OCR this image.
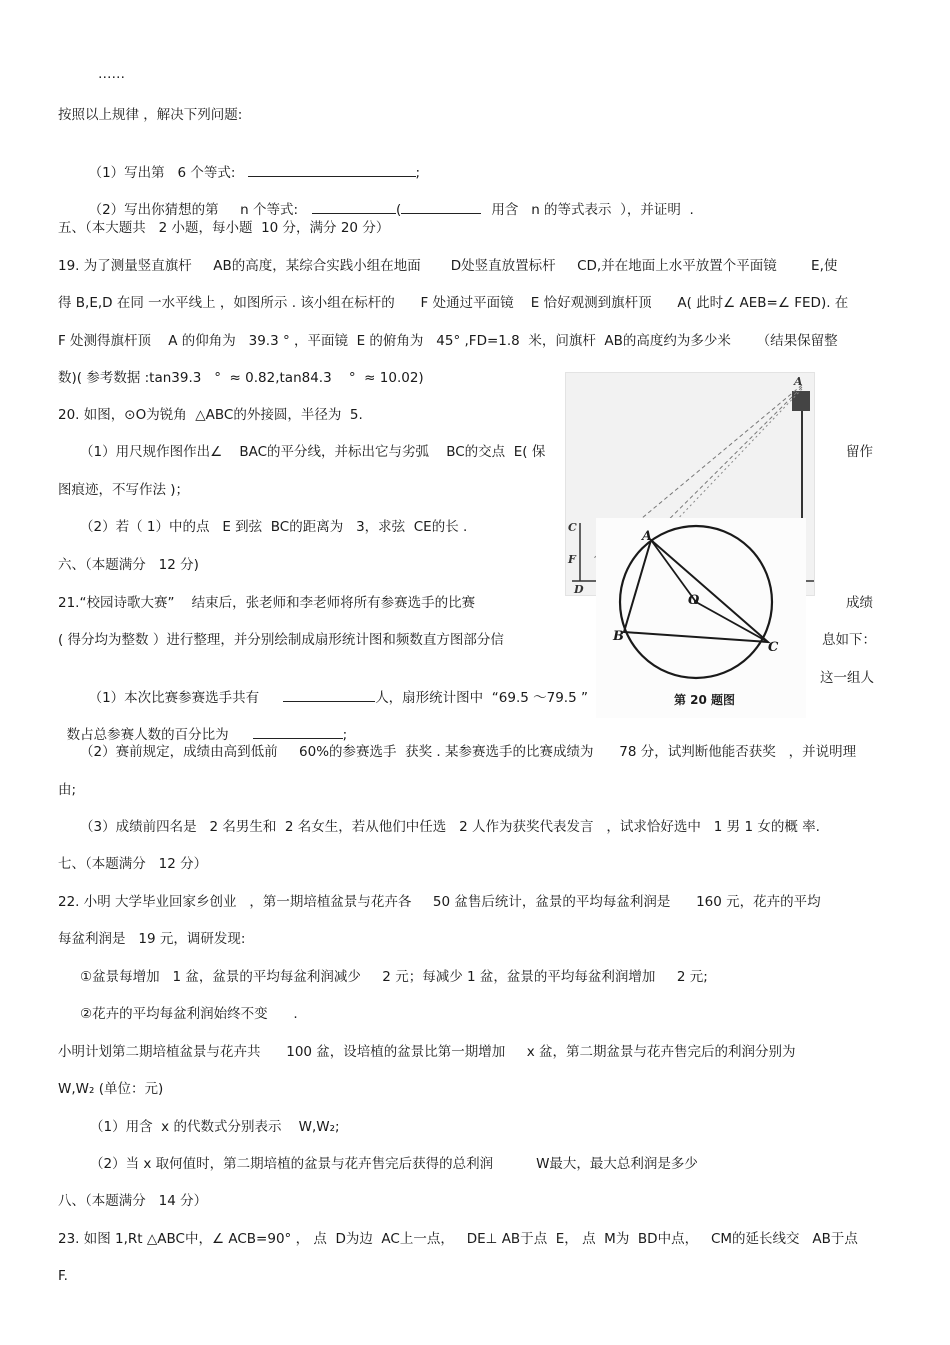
……
按照以上规律 ，解决下列问题:

（1）写出第   6 个等式:	;

（2）写出你猜想的第     n 个等式:	(	用含   n 的等式表示  ），并证明  .

五、（本大题共   2 小题，每小题  10 分，满分 20 分）
19. 为了测量竖直旗杆     AB的高度，某综合实践小组在地面       D处竖直放置标杆     CD,并在地面上水平放置个平面镜        E,使
得 B,E,D 在同 一水平线上 ，如图所示 . 该小组在标杆的      F 处通过平面镜    E 恰好观测到旗杆顶      A( 此时∠ AEB=∠ FED). 在
F 处测得旗杆顶    A 的仰角为   39.3 ° ，平面镜  E 的俯角为   45° ,FD=1.8  米，问旗杆  AB的高度约为多少米      （结果保留整
数)( 参考数据 :tan39.3   °  ≈ 0.82,tan84.3    °  ≈ 10.02)
20. 如图，⊙O为锐角  △ABC的外接圆，半径为  5.
（1）用尺规作图作出∠    BAC的平分线，并标出它与劣弧    BC的交点  E( 保	留作
图痕迹，不写作法 )；
（2）若（ 1）中的点   E 到弦  BC的距离为   3，求弦  CE的长 .
六、（本题满分   12 分)
21.“校园诗歌大赛”    结束后，张老师和李老师将所有参赛选手的比赛	成绩
( 得分均为整数 ）进行整理，并分别绘制成扇形统计图和频数直方图部分信	息如下：

（1）本次比赛参赛选手共有	人，扇形统计图中  “69.5 ～79.5 ”

这一组人

数占总参赛人数的百分比为	;

（2）赛前规定，成绩由高到低前     60%的参赛选手  获奖 . 某参赛选手的比赛成绩为      78 分，试判断他能否获奖   ，并说明理
由;
（3）成绩前四名是   2 名男生和  2 名女生，若从他们中任选   2 人作为获奖代表发言   ，试求恰好选中   1 男 1 女的概 率.
七、（本题满分   12 分）
22. 小明 大学毕业回家乡创业   ，第一期培植盆景与花卉各     50 盆售后统计，盆景的平均每盆利润是      160 元，花卉的平均
每盆利润是   19 元，调研发现:
①盆景每增加   1 盆，盆景的平均每盆利润减少     2 元；每减少 1 盆，盆景的平均每盆利润增加     2 元;
②花卉的平均每盆利润始终不变      .
小明计划第二期培植盆景与花卉共      100 盆，设培植的盆景比第一期增加     x 盆，第二期盆景与花卉售完后的利润分别为
W,W₂ (单位：元)
（1）用含  x 的代数式分别表示    W,W₂;
（2）当 x 取何值时，第二期培植的盆景与花卉售完后获得的总利润          W最大，最大总利润是多少
八、（本题满分   14 分）
23. 如图 1,Rt △ABC中，∠ ACB=90° ， 点  D为边  AC上一点，   DE⊥ AB于点  E， 点  M为  BD中点，   CM的延长线交   AB于点
F.
A
C
F
D
A
O
B
C
第 20 题图
